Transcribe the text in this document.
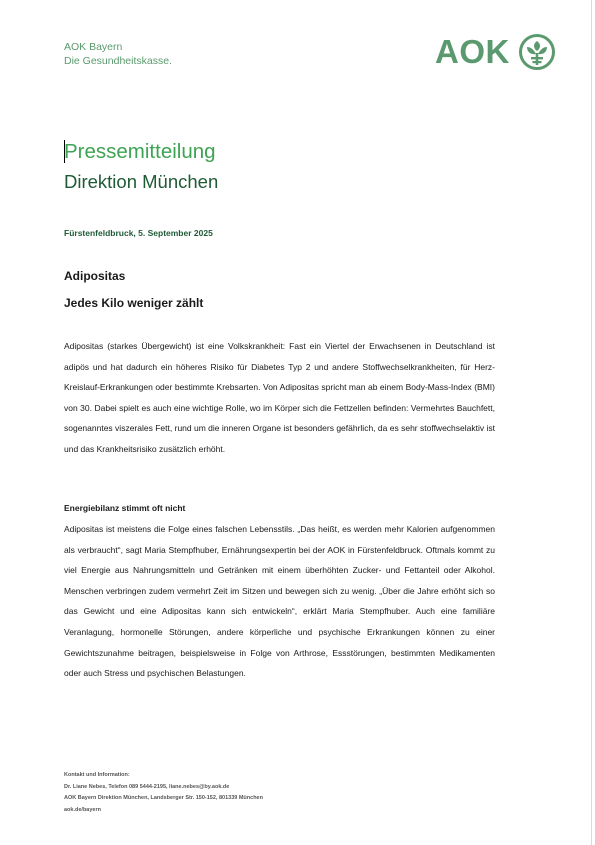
AOK Bayern
Die Gesundheitskasse.	AOK
Pressemitteilung
Direktion München
Fürstenfeldbruck, 5. September 2025
Adipositas
Jedes Kilo weniger zählt

Adipositas (starkes Übergewicht) ist eine Volkskrankheit: Fast ein Viertel der Erwachsenen in Deutschland ist adipös und hat dadurch ein höheres Risiko für Diabetes Typ 2 und andere Stoffwechselkrankheiten, für Herz-Kreislauf-Erkrankungen oder bestimmte Krebsarten. Von Adipositas spricht man ab einem Body-Mass-Index (BMI) von 30. Dabei spielt es auch eine wichtige Rolle, wo im Körper sich die Fettzellen befinden: Vermehrtes Bauchfett, sogenanntes viszerales Fett, rund um die inneren Organe ist besonders gefährlich, da es sehr stoffwechselaktiv ist und das Krankheitsrisiko zusätzlich erhöht.

Energiebilanz stimmt oft nicht

Adipositas ist meistens die Folge eines falschen Lebensstils. „Das heißt, es werden mehr Kalorien aufgenommen als verbraucht“, sagt Maria Stempfhuber, Ernährungsexpertin bei der AOK in Fürstenfeldbruck. Oftmals kommt zu viel Energie aus Nahrungsmitteln und Getränken mit einem überhöhten Zucker- und Fettanteil oder Alkohol. Menschen verbringen zudem vermehrt Zeit im Sitzen und bewegen sich zu wenig. „Über die Jahre erhöht sich so das Gewicht und eine Adipositas kann sich entwickeln“, erklärt Maria Stempfhuber. Auch eine familiäre Veranlagung, hormonelle Störungen, andere körperliche und psychische Erkrankungen können zu einer Gewichtszunahme beitragen, beispielsweise in Folge von Arthrose, Essstörungen, bestimmten Medikamenten oder auch Stress und psychischen Belastungen.

Kontakt und Information:
Dr. Liane Nebes, Telefon 089 5444-2195, liane.nebes@by.aok.de
AOK Bayern Direktion München, Landsberger Str. 150-152, 801339 München
aok.de/bayern
